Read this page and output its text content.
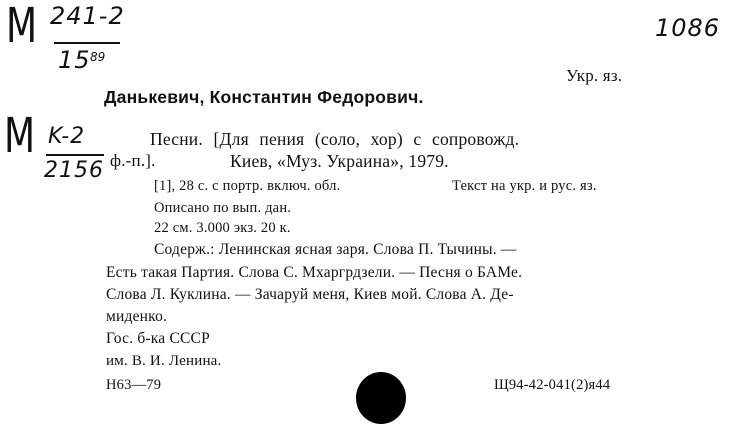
M 241-2
15 89
1086
Укр. яз.
Данькевич, Константин Федорович.
M K-2
2156
Песни. [Для пения (соло, хор) с сопровожд.
ф.-п.].	Киев, «Муз. Украина», 1979.
[1], 28 с. с портр. включ. обл.	Текст на укр. и рус. яз.
Описано по вып. дан.
22 см. 3.000 экз. 20 к.
Содерж.: Ленинская ясная заря. Слова П. Тычины. —
Есть такая Партия. Слова С. Мхаргрдзели. — Песня о БАМе.
Слова Л. Куклина. — Зачаруй меня, Киев мой. Слова А. Де-
миденко.
Гос. б-ка СССР
им. В. И. Ленина.
Н63—79	Щ94-42-041(2)я44
